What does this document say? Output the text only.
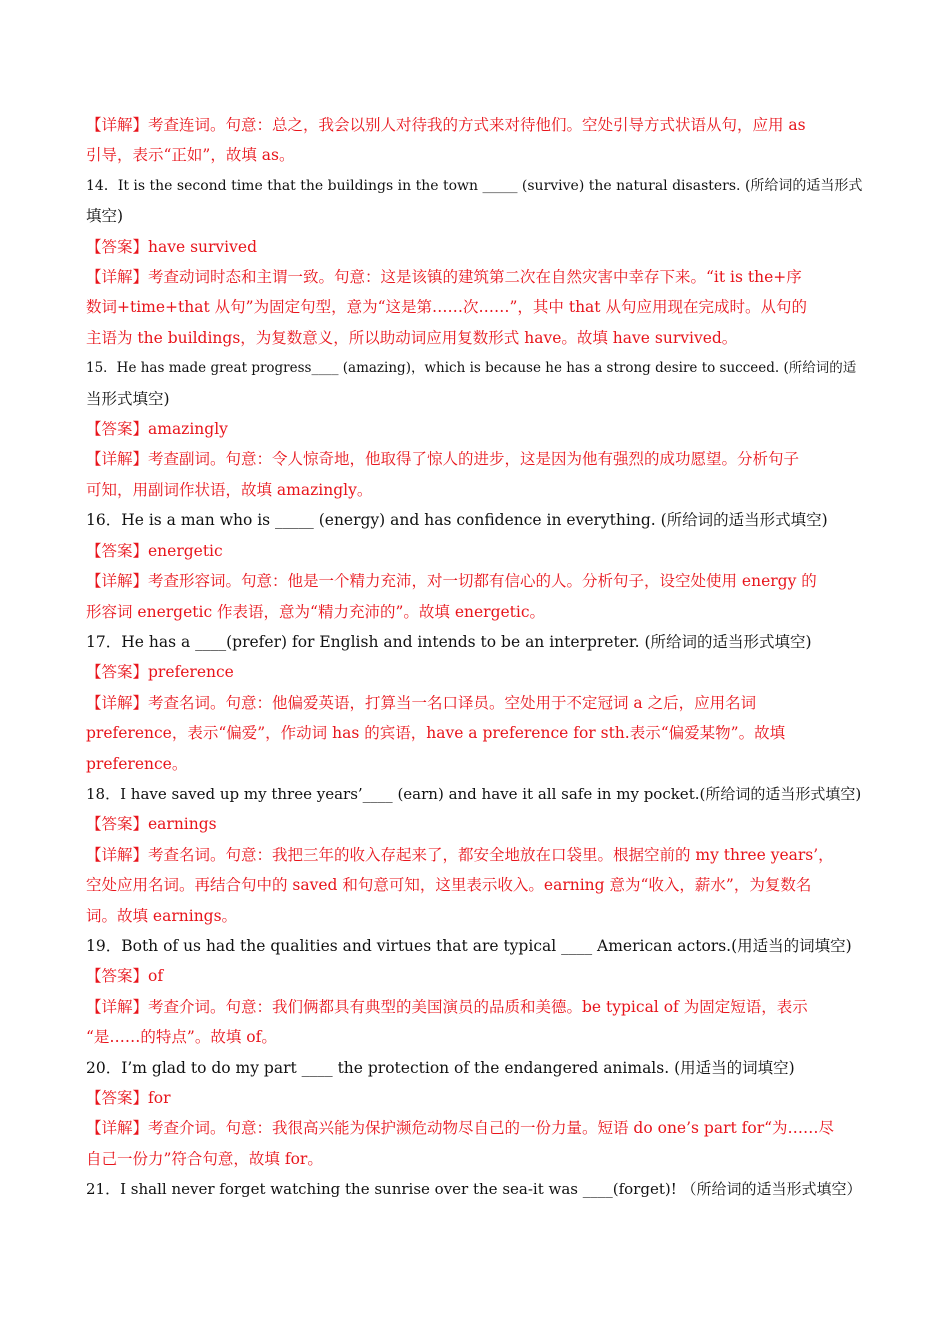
【详解】考查连词。句意：总之，我会以别人对待我的方式来对待他们。空处引导方式状语从句，应用 as
引导，表示“正如”，故填 as。
14．It is the second time that the buildings in the town _____ (survive) the natural disasters. (所给词的适当形式
填空)
【答案】have survived
【详解】考查动词时态和主谓一致。句意：这是该镇的建筑第二次在自然灾害中幸存下来。“it is the+序
数词+time+that 从句”为固定句型，意为“这是第……次……”，其中 that 从句应用现在完成时。从句的
主语为 the buildings，为复数意义，所以助动词应用复数形式 have。故填 have survived。
15．He has made great progress____ (amazing)，which is because he has a strong desire to succeed. (所给词的适
当形式填空)
【答案】amazingly
【详解】考查副词。句意：令人惊奇地，他取得了惊人的进步，这是因为他有强烈的成功愿望。分析句子
可知，用副词作状语，故填 amazingly。
16．He is a man who is _____ (energy) and has confidence in everything. (所给词的适当形式填空)
【答案】energetic
【详解】考查形容词。句意：他是一个精力充沛，对一切都有信心的人。分析句子，设空处使用 energy 的
形容词 energetic 作表语，意为“精力充沛的”。故填 energetic。
17．He has a ____(prefer) for English and intends to be an interpreter. (所给词的适当形式填空)
【答案】preference
【详解】考查名词。句意：他偏爱英语，打算当一名口译员。空处用于不定冠词 a 之后，应用名词
preference，表示“偏爱”，作动词 has 的宾语，have a preference for sth.表示“偏爱某物”。故填
preference。
18．I have saved up my three years’____ (earn) and have it all safe in my pocket.(所给词的适当形式填空)
【答案】earnings
【详解】考查名词。句意：我把三年的收入存起来了，都安全地放在口袋里。根据空前的 my three years’，
空处应用名词。再结合句中的 saved 和句意可知，这里表示收入。earning 意为“收入，薪水”，为复数名
词。故填 earnings。
19．Both of us had the qualities and virtues that are typical ____ American actors.(用适当的词填空)
【答案】of
【详解】考查介词。句意：我们俩都具有典型的美国演员的品质和美德。be typical of 为固定短语，表示
“是……的特点”。故填 of。
20．I’m glad to do my part ____ the protection of the endangered animals. (用适当的词填空)
【答案】for
【详解】考查介词。句意：我很高兴能为保护濒危动物尽自己的一份力量。短语 do one’s part for“为……尽
自己一份力”符合句意，故填 for。
21．I shall never forget watching the sunrise over the sea-it was ____(forget)! （所给词的适当形式填空）
